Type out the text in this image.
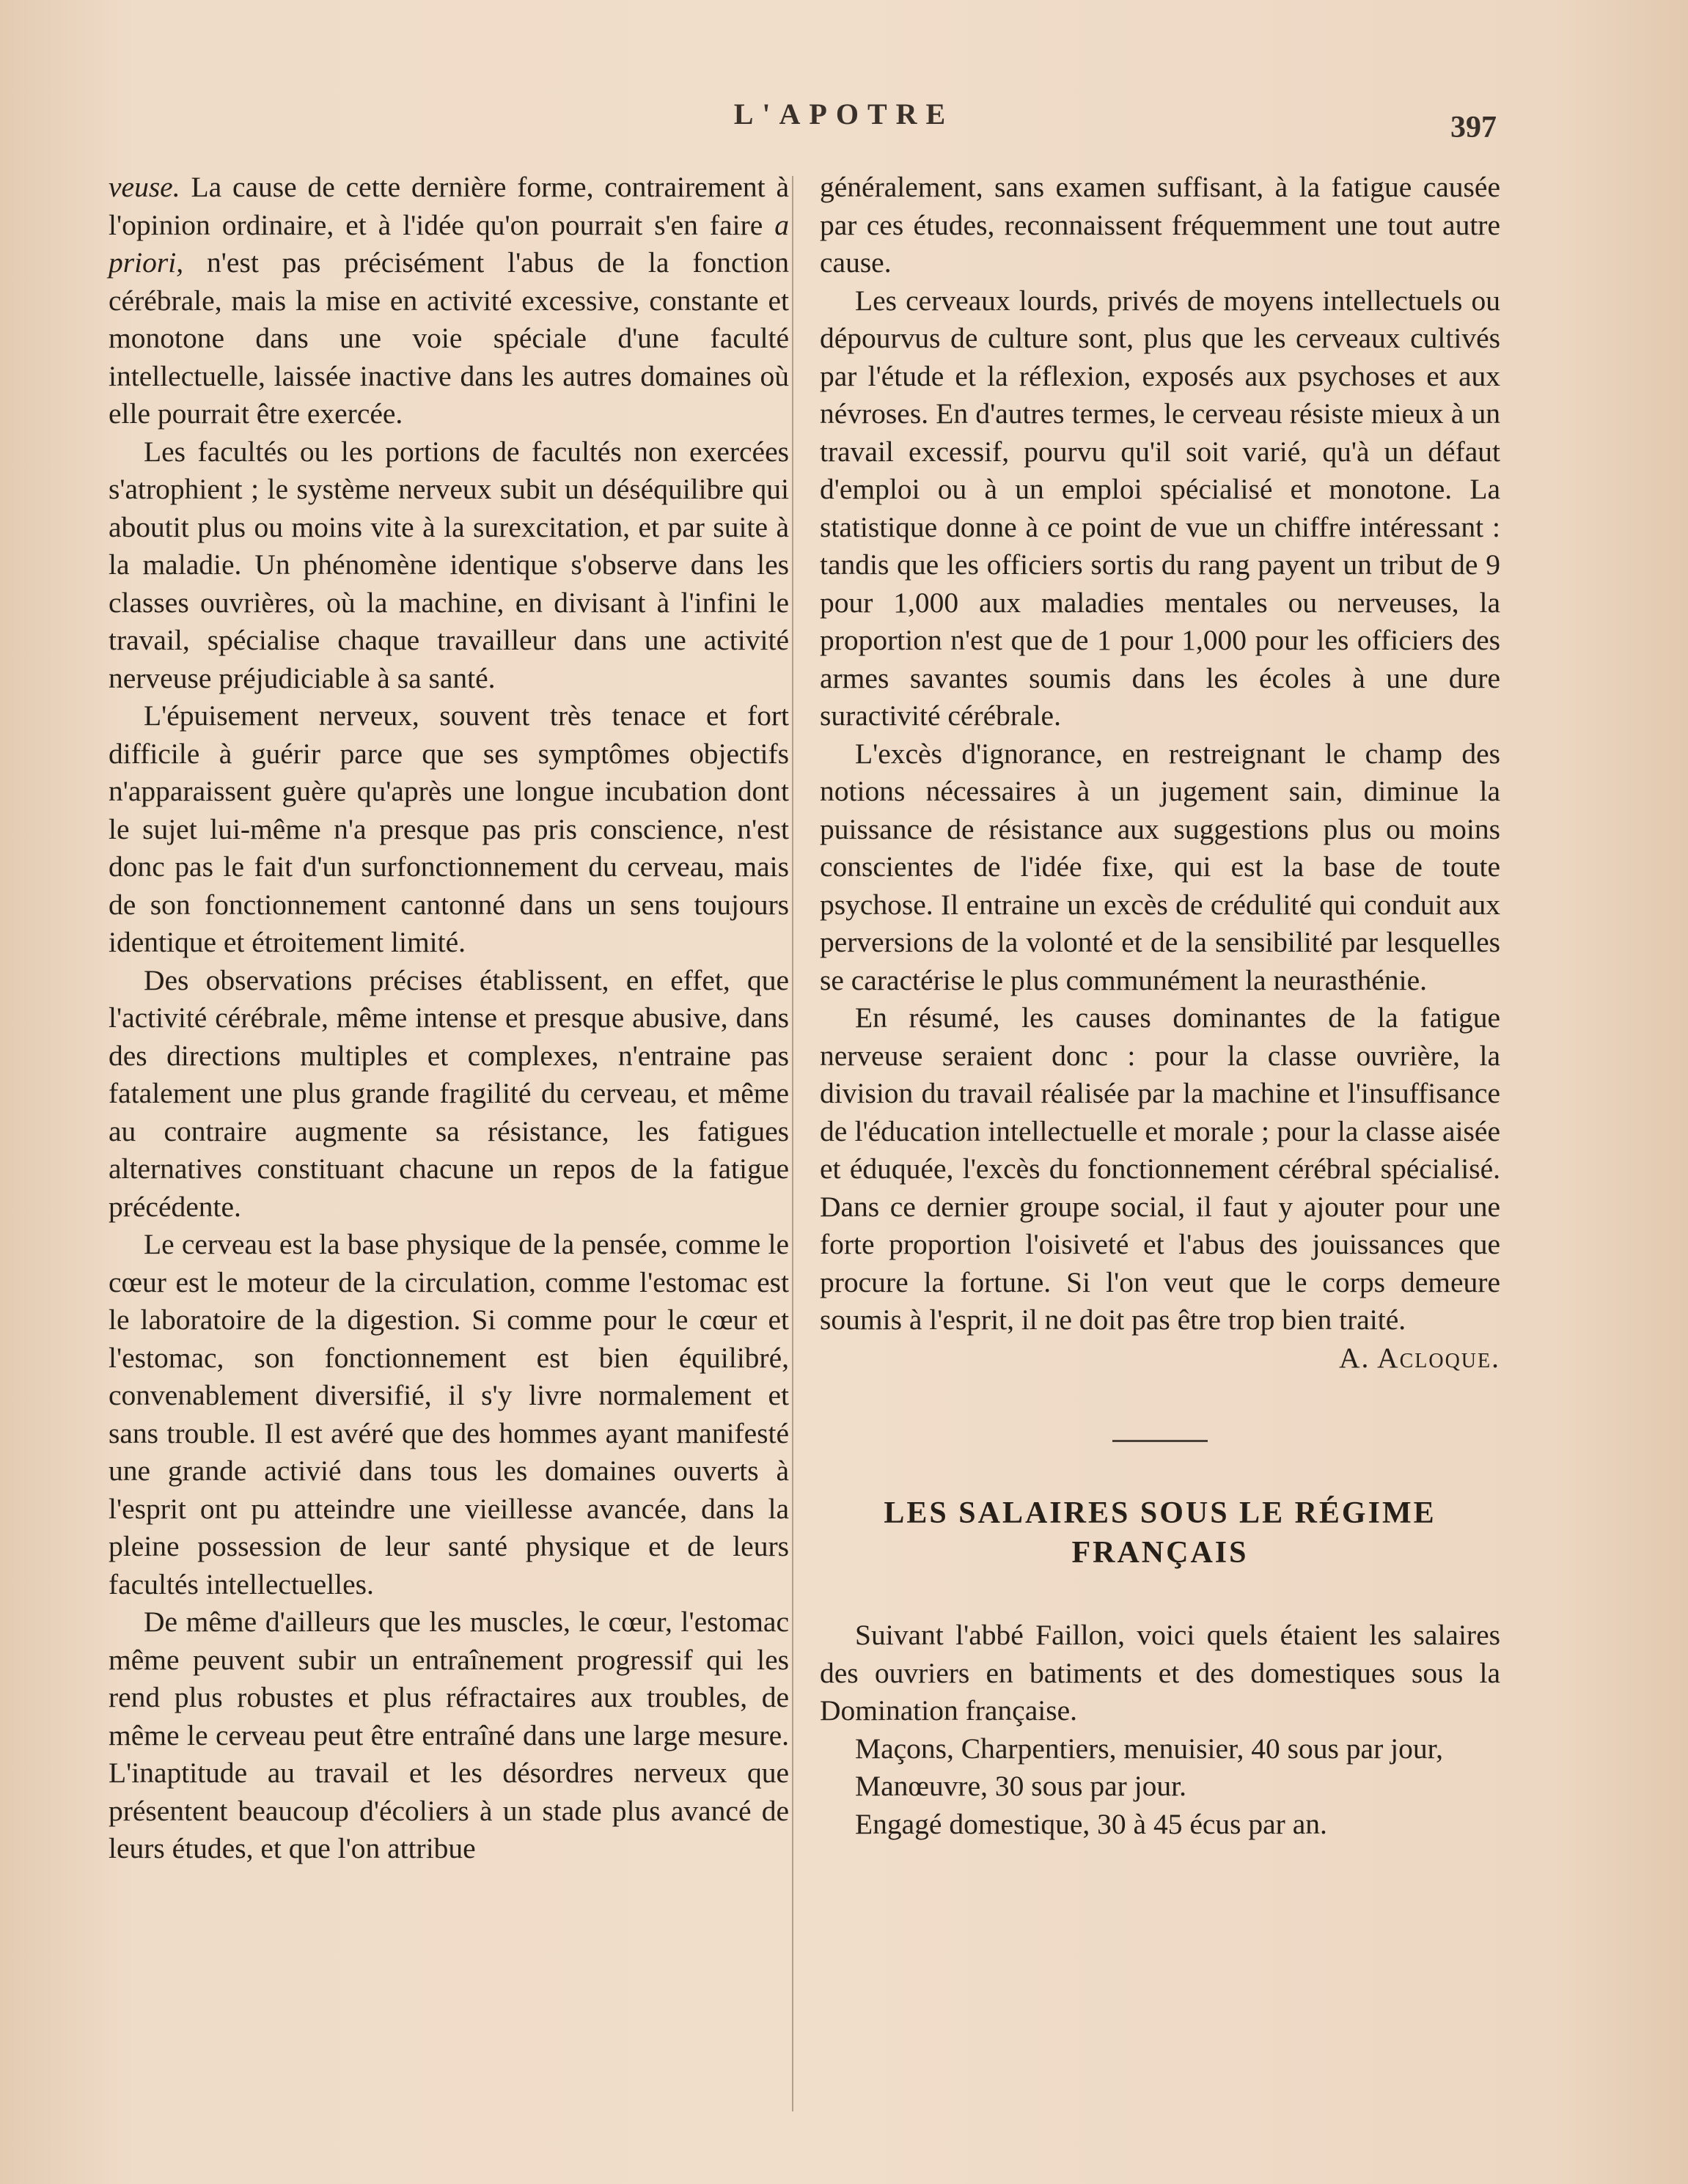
L'APOTRE	397

veuse. La cause de cette dernière forme, contrairement à l'opinion ordinaire, et à l'idée qu'on pourrait s'en faire a priori, n'est pas précisément l'abus de la fonction cérébrale, mais la mise en activité excessive, constante et monotone dans une voie spéciale d'une faculté intellectuelle, laissée inactive dans les autres domaines où elle pourrait être exercée.

Les facultés ou les portions de facultés non exercées s'atrophient ; le système nerveux subit un déséquilibre qui aboutit plus ou moins vite à la surexcitation, et par suite à la maladie. Un phénomène identique s'observe dans les classes ouvrières, où la machine, en divisant à l'infini le travail, spécialise chaque travailleur dans une activité nerveuse préjudiciable à sa santé.

L'épuisement nerveux, souvent très tenace et fort difficile à guérir parce que ses symptômes objectifs n'apparaissent guère qu'après une longue incubation dont le sujet lui-même n'a presque pas pris conscience, n'est donc pas le fait d'un surfonctionnement du cerveau, mais de son fonctionnement cantonné dans un sens toujours identique et étroitement limité.

Des observations précises établissent, en effet, que l'activité cérébrale, même intense et presque abusive, dans des directions multiples et complexes, n'entraine pas fatalement une plus grande fragilité du cerveau, et même au contraire augmente sa résistance, les fatigues alternatives constituant chacune un repos de la fatigue précédente.

Le cerveau est la base physique de la pensée, comme le cœur est le moteur de la circulation, comme l'estomac est le laboratoire de la digestion. Si comme pour le cœur et l'estomac, son fonctionnement est bien équilibré, convenablement diversifié, il s'y livre normalement et sans trouble. Il est avéré que des hommes ayant manifesté une grande activié dans tous les domaines ouverts à l'esprit ont pu atteindre une vieillesse avancée, dans la pleine possession de leur santé physique et de leurs facultés intellectuelles.

De même d'ailleurs que les muscles, le cœur, l'estomac même peuvent subir un entraînement progressif qui les rend plus robustes et plus réfractaires aux troubles, de même le cerveau peut être entraîné dans une large mesure. L'inaptitude au travail et les désordres nerveux que présentent beaucoup d'écoliers à un stade plus avancé de leurs études, et que l'on attribue

généralement, sans examen suffisant, à la fatigue causée par ces études, reconnaissent fréquemment une tout autre cause.

Les cerveaux lourds, privés de moyens intellectuels ou dépourvus de culture sont, plus que les cerveaux cultivés par l'étude et la réflexion, exposés aux psychoses et aux névroses. En d'autres termes, le cerveau résiste mieux à un travail excessif, pourvu qu'il soit varié, qu'à un défaut d'emploi ou à un emploi spécialisé et monotone. La statistique donne à ce point de vue un chiffre intéressant : tandis que les officiers sortis du rang payent un tribut de 9 pour 1,000 aux maladies mentales ou nerveuses, la proportion n'est que de 1 pour 1,000 pour les officiers des armes savantes soumis dans les écoles à une dure suractivité cérébrale.

L'excès d'ignorance, en restreignant le champ des notions nécessaires à un jugement sain, diminue la puissance de résistance aux suggestions plus ou moins conscientes de l'idée fixe, qui est la base de toute psychose. Il entraine un excès de crédulité qui conduit aux perversions de la volonté et de la sensibilité par lesquelles se caractérise le plus communément la neurasthénie.

En résumé, les causes dominantes de la fatigue nerveuse seraient donc : pour la classe ouvrière, la division du travail réalisée par la machine et l'insuffisance de l'éducation intellectuelle et morale ; pour la classe aisée et éduquée, l'excès du fonctionnement cérébral spécialisé. Dans ce dernier groupe social, il faut y ajouter pour une forte proportion l'oisiveté et l'abus des jouissances que procure la fortune. Si l'on veut que le corps demeure soumis à l'esprit, il ne doit pas être trop bien traité.

A. Acloque.

LES SALAIRES SOUS LE RÉGIME FRANÇAIS

Suivant l'abbé Faillon, voici quels étaient les salaires des ouvriers en batiments et des domestiques sous la Domination française.

Maçons, Charpentiers, menuisier, 40 sous par jour,

Manœuvre, 30 sous par jour.

Engagé domestique, 30 à 45 écus par an.
